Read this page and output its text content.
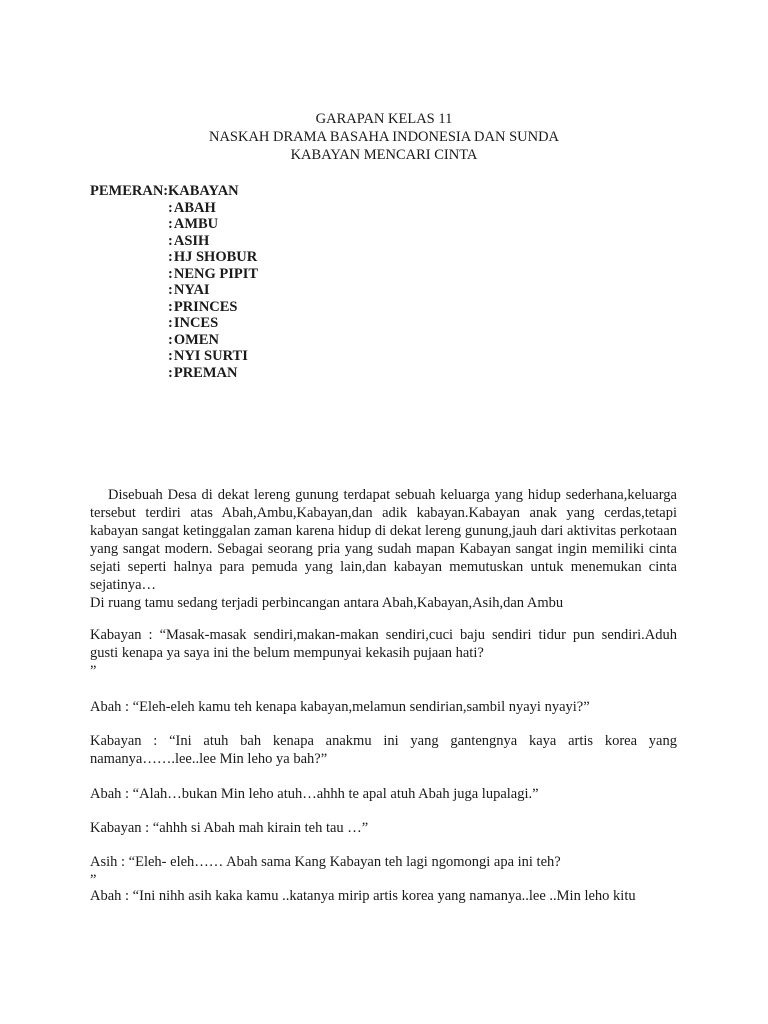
GARAPAN KELAS 11
NASKAH DRAMA BASAHA INDONESIA DAN SUNDA
KABAYAN MENCARI CINTA
PEMERAN: KABAYAN
: ABAH
: AMBU
: ASIH
: HJ SHOBUR
: NENG PIPIT
: NYAI
: PRINCES
: INCES
: OMEN
: NYI SURTI
: PREMAN

Disebuah Desa di dekat lereng gunung terdapat sebuah keluarga yang hidup sederhana,keluarga tersebut terdiri atas Abah,Ambu,Kabayan,dan adik kabayan.Kabayan anak yang cerdas,tetapi kabayan sangat ketinggalan zaman karena hidup di dekat lereng gunung,jauh dari aktivitas perkotaan yang sangat modern. Sebagai seorang pria yang sudah mapan Kabayan sangat ingin memiliki cinta sejati seperti halnya para pemuda yang lain,dan kabayan memutuskan untuk menemukan cinta sejatinya…

Di ruang tamu sedang terjadi perbincangan antara Abah,Kabayan,Asih,dan Ambu

Kabayan : “Masak-masak sendiri,makan-makan sendiri,cuci baju sendiri tidur pun sendiri.Aduh gusti kenapa ya saya ini the belum mempunyai kekasih pujaan hati?

”

Abah : “Eleh-eleh kamu teh kenapa kabayan,melamun sendirian,sambil nyayi nyayi?”

Kabayan : “Ini atuh bah kenapa anakmu ini yang gantengnya kaya artis korea yang namanya…….lee..lee Min leho ya bah?”

Abah : “Alah…bukan Min leho atuh…ahhh te apal atuh Abah juga lupalagi.”

Kabayan : “ahhh si Abah mah kirain teh tau …”

Asih : “Eleh- eleh…… Abah sama Kang Kabayan teh lagi ngomongi apa ini teh?

”

Abah : “Ini nihh asih kaka kamu ..katanya mirip artis korea yang namanya..lee ..Min leho kitu
